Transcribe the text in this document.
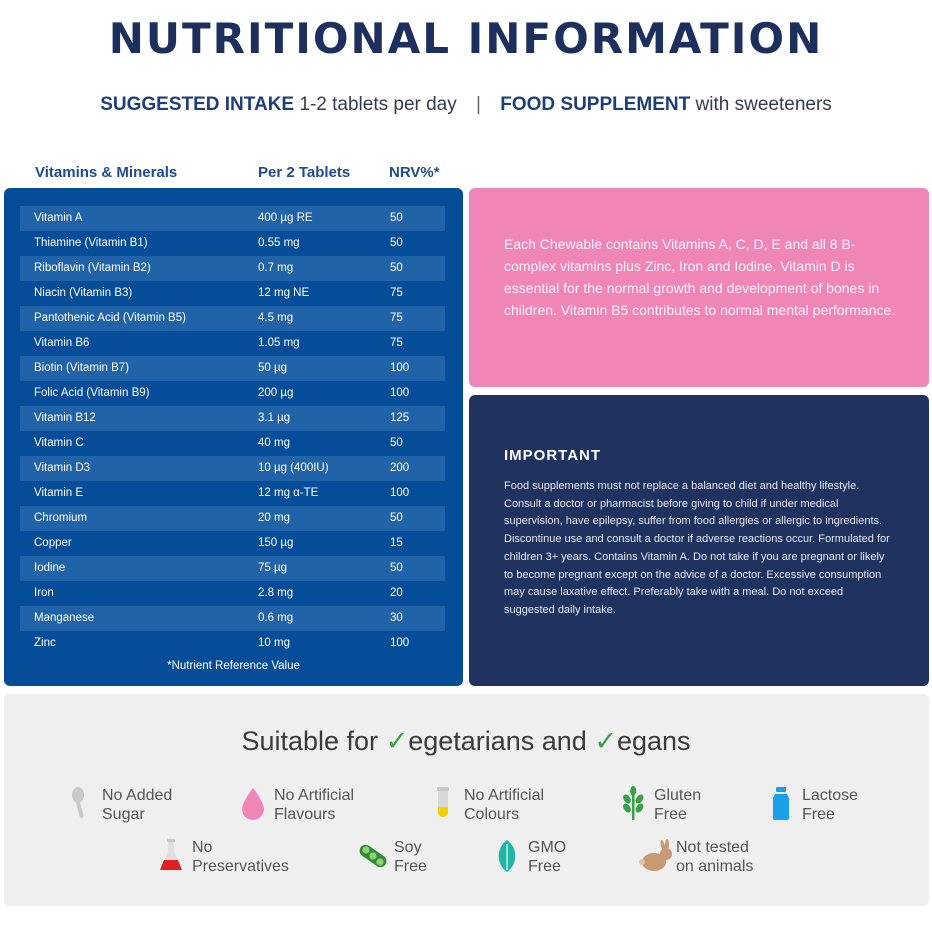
NUTRITIONAL INFORMATION
SUGGESTED INTAKE 1-2 tablets per day | FOOD SUPPLEMENT with sweeteners
Vitamins & Minerals	Per 2 Tablets	NRV%*
Vitamin A	400 µg RE	50
Thiamine (Vitamin B1)	0.55 mg	50
Riboflavin (Vitamin B2)	0.7 mg	50
Niacin (Vitamin B3)	12 mg NE	75
Pantothenic Acid (Vitamin B5)	4.5 mg	75
Vitamin B6	1.05 mg	75
Biotin (Vitamin B7)	50 µg	100
Folic Acid (Vitamin B9)	200 µg	100
Vitamin B12	3.1 µg	125
Vitamin C	40 mg	50
Vitamin D3	10 µg (400IU)	200
Vitamin E	12 mg α-TE	100
Chromium	20 mg	50
Copper	150 µg	15
Iodine	75 µg	50
Iron	2.8 mg	20
Manganese	0.6 mg	30
Zinc	10 mg	100
*Nutrient Reference Value
Each Chewable contains Vitamins A, C, D, E and all 8 B-complex vitamins plus Zinc, Iron and Iodine. Vitamin D is essential for the normal growth and development of bones in children. Vitamin B5 contributes to normal mental performance.
IMPORTANT
Food supplements must not replace a balanced diet and healthy lifestyle. Consult a doctor or pharmacist before giving to child if under medical supervision, have epilepsy, suffer from food allergies or allergic to ingredients. Discontinue use and consult a doctor if adverse reactions occur. Formulated for children 3+ years. Contains Vitamin A. Do not take if you are pregnant or likely to become pregnant except on the advice of a doctor. Excessive consumption may cause laxative effect. Preferably take with a meal. Do not exceed suggested daily intake.
Suitable for ✓egetarians and ✓egans
No Added
Sugar
No Artificial
Flavours
No Artificial
Colours
Gluten
Free
Lactose
Free
No
Preservatives
Soy
Free
GMO
Free
Not tested
on animals
